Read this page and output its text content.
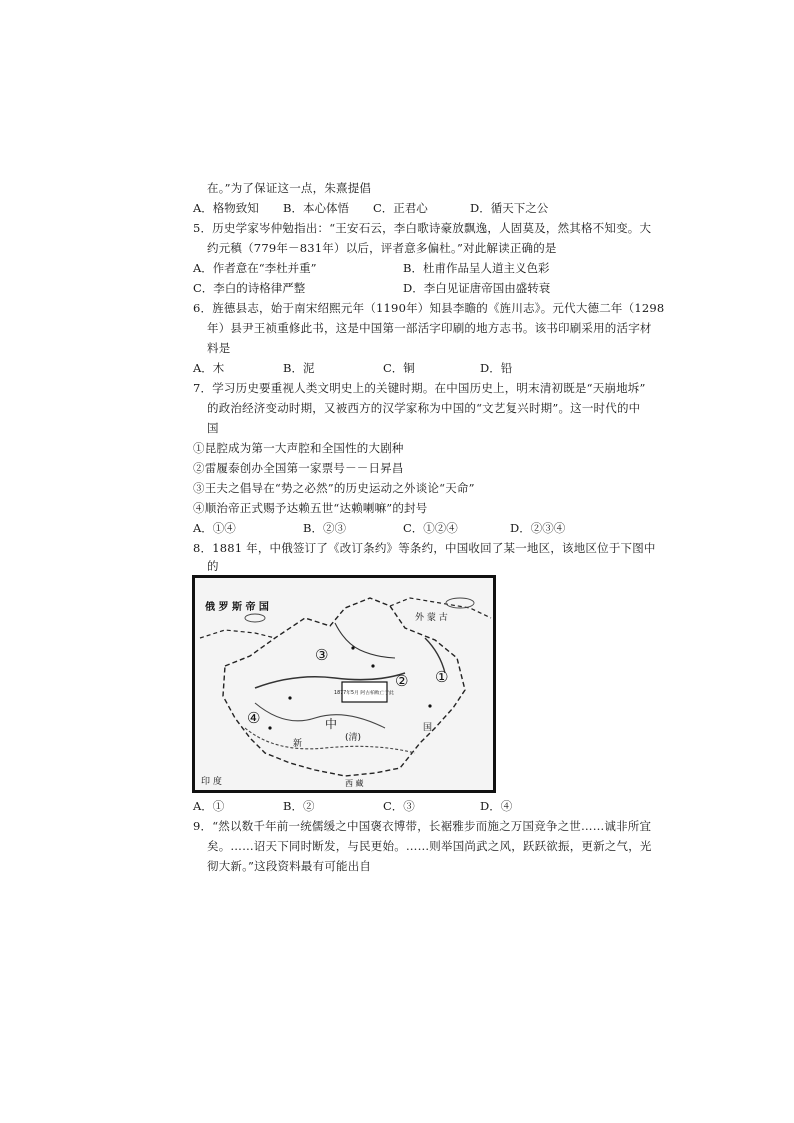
在。”为了保证这一点，朱熹提倡
A．格物致知 B．本心体悟 C．正君心	D．循天下之公
5．历史学家岑仲勉指出：“王安石云，李白歌诗豪放飘逸，人固莫及，然其格不知变。大
约元稹（779年－831年）以后，评者意多偏杜。”对此解读正确的是
A．作者意在“李杜并重”	B．杜甫作品呈人道主义色彩
C．李白的诗格律严整	D．李白见证唐帝国由盛转衰
6．旌德县志，始于南宋绍熙元年（1190年）知县李瞻的《旌川志》。元代大德二年（1298
年）县尹王祯重修此书，这是中国第一部活字印刷的地方志书。该书印刷采用的活字材
料是
A．木	B．泥	C．铜	D．铅
7．学习历史要重视人类文明史上的关键时期。在中国历史上，明末清初既是“天崩地坼”
的政治经济变动时期，又被西方的汉学家称为中国的“文艺复兴时期”。这一时代的中
国
①昆腔成为第一大声腔和全国性的大剧种
②雷履泰创办全国第一家票号－－日昇昌
③王夫之倡导在“势之必然”的历史运动之外谈论“天命”
④顺治帝正式赐予达赖五世“达赖喇嘛”的封号
A．①④	B．②③	C．①②④	D．②③④
8．1881 年，中俄签订了《改订条约》等条约，中国收回了某一地区，该地区位于下图中
的
1877年5月 阿古柏败亡于此
俄 罗 斯 帝 国
外 蒙 古
中
(清)
新
国
印 度	西 藏
③
② ①
④
A．①	B．②	C．③	D．④
9．“然以数千年前一统儒缓之中国褒衣博带，长裾雅步而施之万国竞争之世……诚非所宜
矣。……诏天下同时断发，与民更始。……则举国尚武之风，跃跃欲振，更新之气，光
彻大新。”这段资料最有可能出自
